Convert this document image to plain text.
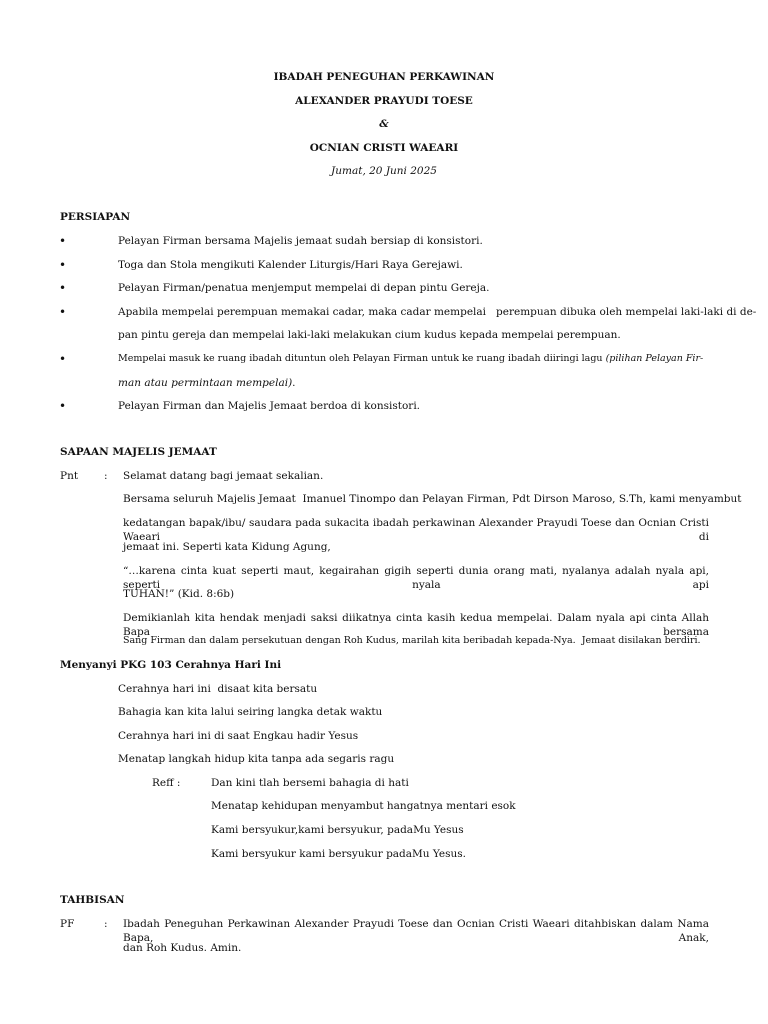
IBADAH PENEGUHAN PERKAWINAN
ALEXANDER PRAYUDI TOESE
&
OCNIAN CRISTI WAEARI
Jumat, 20 Juni 2025
PERSIAPAN
•	Pelayan Firman bersama Majelis jemaat sudah bersiap di konsistori.
•	Toga dan Stola mengikuti Kalender Liturgis/Hari Raya Gerejawi.
•	Pelayan Firman/penatua menjemput mempelai di depan pintu Gereja.
•	Apabila mempelai perempuan memakai cadar, maka cadar mempelai   perempuan dibuka oleh mempelai laki-laki di de-
pan pintu gereja dan mempelai laki-laki melakukan cium kudus kepada mempelai perempuan.
•	Mempelai masuk ke ruang ibadah dituntun oleh Pelayan Firman untuk ke ruang ibadah diiringi lagu (pilihan Pelayan Fir-
man atau permintaan mempelai).
•	Pelayan Firman dan Majelis Jemaat berdoa di konsistori.
SAPAAN MAJELIS JEMAAT
Pnt : Selamat datang bagi jemaat sekalian.
Bersama seluruh Majelis Jemaat  Imanuel Tinompo dan Pelayan Firman, Pdt Dirson Maroso, S.Th, kami menyambut
kedatangan bapak/ibu/ saudara pada sukacita ibadah perkawinan Alexander Prayudi Toese dan Ocnian Cristi Waeari di
jemaat ini. Seperti kata Kidung Agung,
“…karena cinta kuat seperti maut, kegairahan gigih seperti dunia orang mati, nyalanya adalah nyala api, seperti nyala api
TUHAN!” (Kid. 8:6b)
Demikianlah kita hendak menjadi saksi diikatnya cinta kasih kedua mempelai. Dalam nyala api cinta Allah Bapa bersama
Sang Firman dan dalam persekutuan dengan Roh Kudus, marilah kita beribadah kepada-Nya.  Jemaat disilakan berdiri.
Menyanyi PKG 103 Cerahnya Hari Ini
Cerahnya hari ini  disaat kita bersatu
Bahagia kan kita lalui seiring langka detak waktu
Cerahnya hari ini di saat Engkau hadir Yesus
Menatap langkah hidup kita tanpa ada segaris ragu
Reff :	Dan kini tlah bersemi bahagia di hati
Menatap kehidupan menyambut hangatnya mentari esok
Kami bersyukur,kami bersyukur, padaMu Yesus
Kami bersyukur kami bersyukur padaMu Yesus.
TAHBISAN
PF	: Ibadah Peneguhan Perkawinan Alexander Prayudi Toese dan Ocnian Cristi Waeari ditahbiskan dalam Nama Bapa, Anak,
dan Roh Kudus. Amin.
